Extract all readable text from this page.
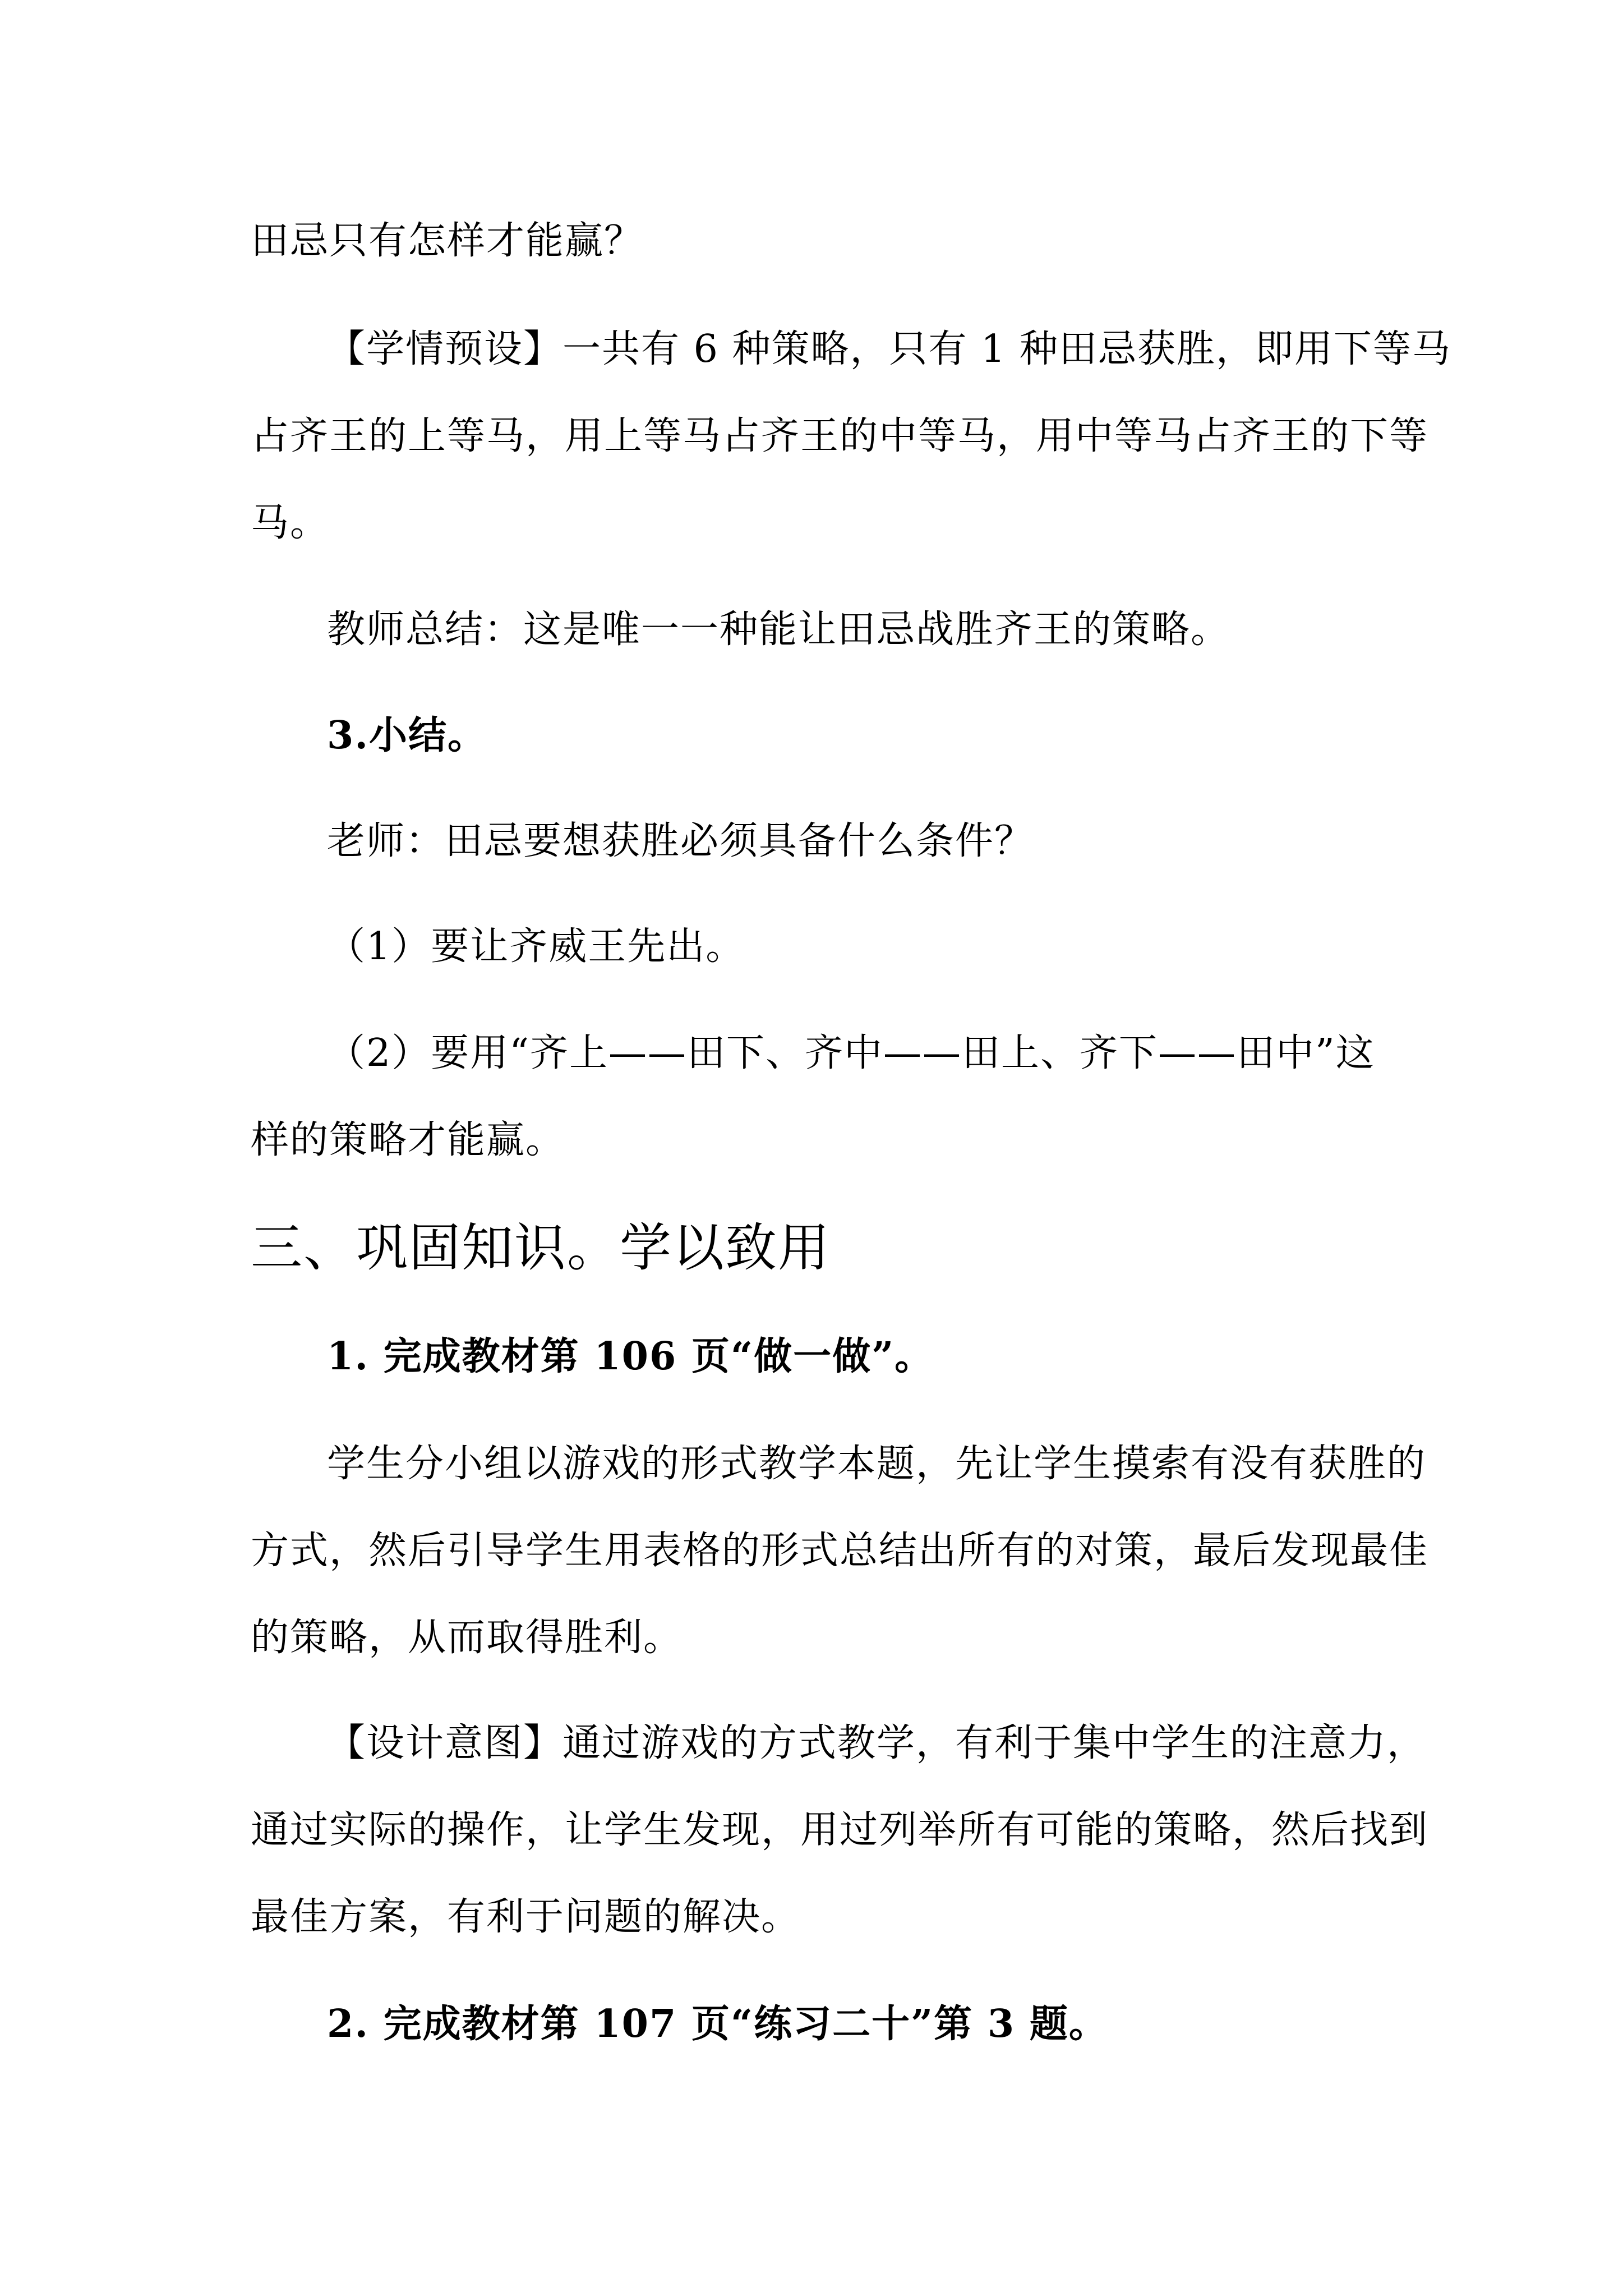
田忌只有怎样才能赢？
【学情预设】一共有 6 种策略，只有 1 种田忌获胜，即用下等马
占齐王的上等马，用上等马占齐王的中等马，用中等马占齐王的下等
马。
教师总结：这是唯一一种能让田忌战胜齐王的策略。
3.小结。
老师：田忌要想获胜必须具备什么条件？
（1）要让齐威王先出。
（2）要用“齐上——田下、齐中——田上、齐下——田中”这
样的策略才能赢。
三、巩固知识。学以致用
1. 完成教材第 106 页“做一做”。
学生分小组以游戏的形式教学本题，先让学生摸索有没有获胜的
方式，然后引导学生用表格的形式总结出所有的对策，最后发现最佳
的策略，从而取得胜利。
【设计意图】通过游戏的方式教学，有利于集中学生的注意力，
通过实际的操作，让学生发现，用过列举所有可能的策略，然后找到
最佳方案，有利于问题的解决。
2. 完成教材第 107 页“练习二十”第 3 题。
